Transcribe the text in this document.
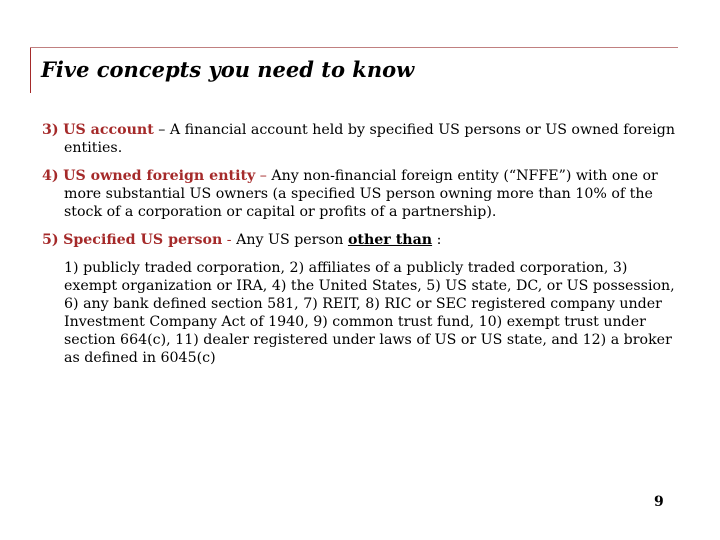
Five concepts you need to know

3) US account – A financial account held by specified US persons or US owned foreign entities.

4) US owned foreign entity – Any non-financial foreign entity (“NFFE”) with one or more substantial US owners (a specified US person owning more than 10% of the stock of a corporation or capital or profits of a partnership).

5) Specified US person - Any US person other than :

1) publicly traded corporation, 2) affiliates of a publicly traded corporation, 3) exempt organization or IRA, 4) the United States, 5) US state, DC, or US possession, 6) any bank defined section 581, 7) REIT, 8) RIC or SEC registered company under Investment Company Act of 1940, 9) common trust fund, 10) exempt trust under section 664(c), 11) dealer registered under laws of US or US state, and 12) a broker as defined in 6045(c)

9
